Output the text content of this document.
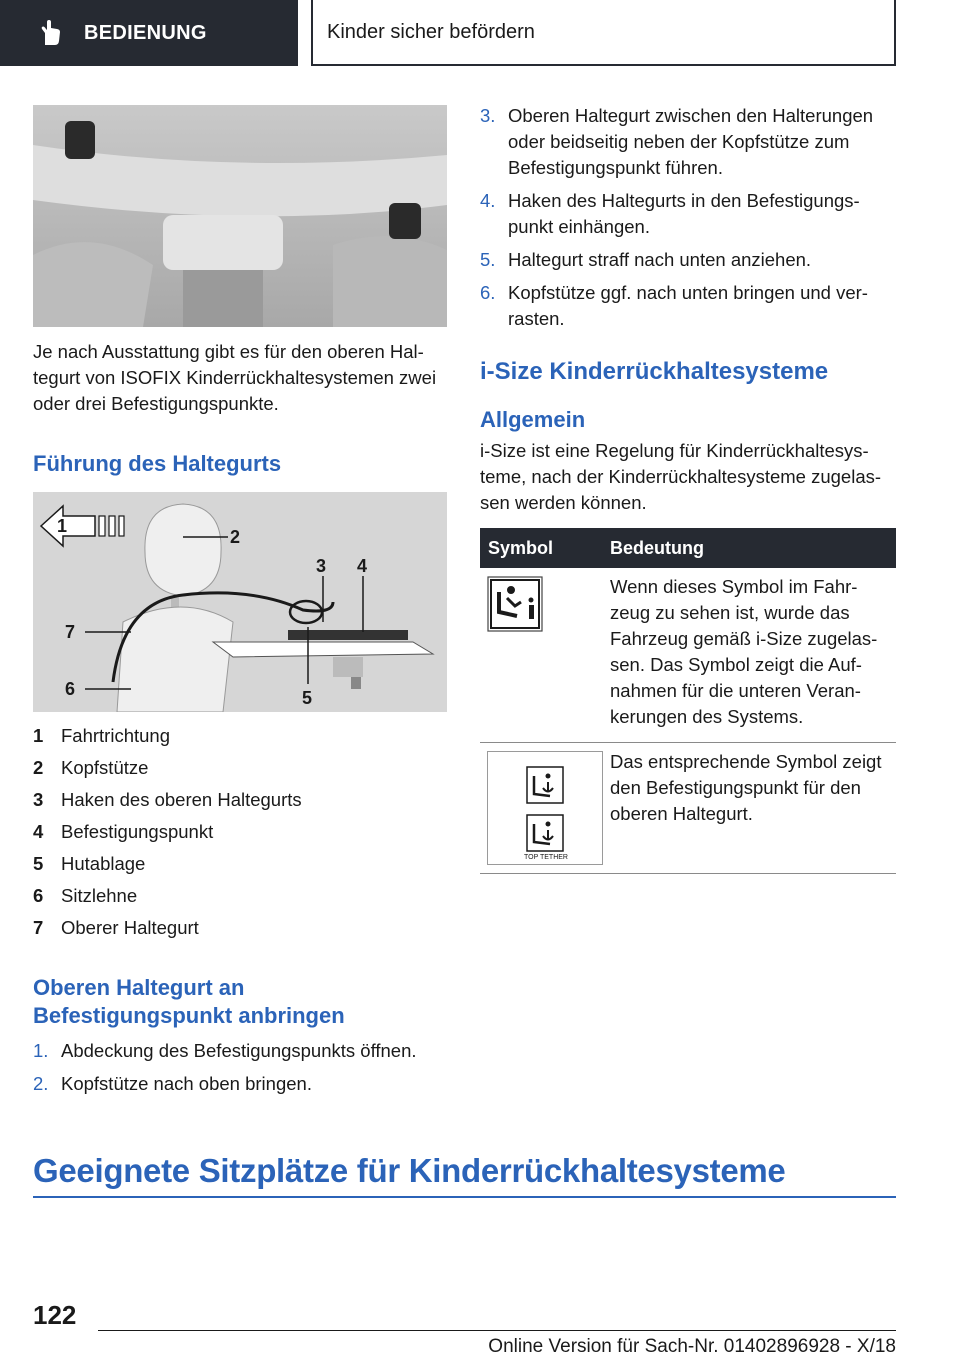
BEDIENUNG	Kinder sicher befördern
Je nach Ausstattung gibt es für den oberen Hal-tegurt von ISOFIX Kinderrückhaltesystemen zwei oder drei Befestigungspunkte.
Führung des Haltegurts
1
2
3 4
5
6
7
1 Fahrtrichtung
2 Kopfstütze
3 Haken des oberen Haltegurts
4 Befestigungspunkt
5 Hutablage
6 Sitzlehne
7 Oberer Haltegurt
Oberen Haltegurt an Befestigungspunkt anbringen
1. Abdeckung des Befestigungspunkts öffnen.
2. Kopfstütze nach oben bringen.
3. Oberen Haltegurt zwischen den Halterungen oder beidseitig neben der Kopfstütze zum Befestigungspunkt führen.
4. Haken des Haltegurts in den Befestigungs-punkt einhängen.
5. Haltegurt straff nach unten anziehen.
6. Kopfstütze ggf. nach unten bringen und ver-rasten.
i-Size Kinderrückhaltesysteme
Allgemein
i-Size ist eine Regelung für Kinderrückhaltesys-teme, nach der Kinderrückhaltesysteme zugelas-sen werden können.
Symbol	Bedeutung
	Wenn dieses Symbol im Fahr-zeug zu sehen ist, wurde das Fahrzeug gemäß i-Size zugelas-sen. Das Symbol zeigt die Auf-nahmen für die unteren Veran-kerungen des Systems.

TOP TETHER	Das entsprechende Symbol zeigt den Befestigungspunkt für den oberen Haltegurt.
Geeignete Sitzplätze für Kinderrückhaltesysteme
122
Online Version für Sach-Nr. 01402896928 - X/18
